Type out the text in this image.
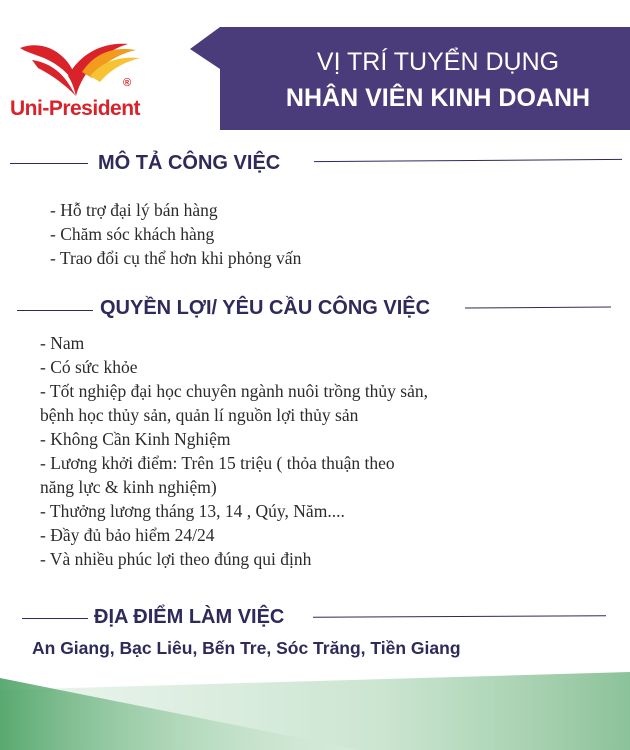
®
Uni-President
VỊ TRÍ TUYỂN DỤNG
NHÂN VIÊN KINH DOANH
MÔ TẢ CÔNG VIỆC
- Hỗ trợ đại lý bán hàng
- Chăm sóc khách hàng
- Trao đổi cụ thể hơn khi phỏng vấn
QUYỀN LỢI/ YÊU CẦU CÔNG VIỆC
- Nam
- Có sức khỏe
- Tốt nghiệp đại học chuyên ngành nuôi trồng thủy sản,
bệnh học thủy sản, quản lí nguồn lợi thủy sản
- Không Cần Kinh Nghiệm
- Lương khởi điểm: Trên 15 triệu ( thỏa thuận theo
năng lực & kinh nghiệm)
- Thưởng lương tháng 13, 14 , Qúy, Năm....
- Đầy đủ bảo hiểm 24/24
- Và nhiều phúc lợi theo đúng qui định
ĐỊA ĐIỂM LÀM VIỆC
An Giang, Bạc Liêu, Bến Tre, Sóc Trăng, Tiền Giang
